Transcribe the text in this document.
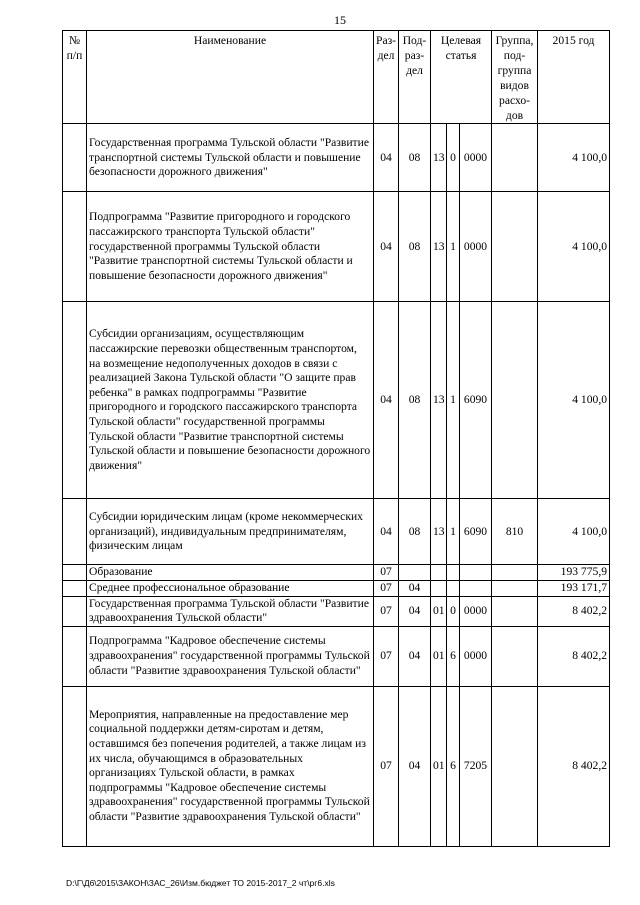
15
№ п/п	Наименование	Раз-дел	Под-раз-дел	Целевая статья			Группа, под-группа видов расхо-дов	2015 год
	Государственная программа Тульской области "Развитие транспортной системы Тульской области и повышение безопасности дорожного движения"	04	08	13	0	0000		4 100,0
	Подпрограмма "Развитие пригородного и городского пассажирского транспорта Тульской области" государственной программы Тульской области "Развитие транспортной системы Тульской области и повышение безопасности дорожного движения"	04	08	13	1	0000		4 100,0
	Субсидии организациям, осуществляющим пассажирские перевозки общественным транспортом, на возмещение недополученных доходов в связи с реализацией Закона Тульской области "О защите прав ребенка" в рамках подпрограммы "Развитие пригородного и городского пассажирского транспорта Тульской области" государственной программы Тульской области "Развитие транспортной системы Тульской области и повышение безопасности дорожного движения"	04	08	13	1	6090		4 100,0
	Субсидии юридическим лицам (кроме некоммерческих организаций), индивидуальным предпринимателям, физическим лицам	04	08	13	1	6090	810	4 100,0
	Образование	07						193 775,9
	Среднее профессиональное образование	07	04					193 171,7
	Государственная программа Тульской области "Развитие здравоохранения Тульской области"	07	04	01	0	0000		8 402,2
	Подпрограмма "Кадровое обеспечение системы здравоохранения" государственной программы Тульской области "Развитие здравоохранения Тульской области"	07	04	01	6	0000		8 402,2
	Мероприятия, направленные на предоставление мер социальной поддержки детям-сиротам и детям, оставшимся без попечения родителей, а также лицам из их числа, обучающимся в образовательных организациях Тульской области, в рамках подпрограммы "Кадровое обеспечение системы здравоохранения" государственной программы Тульской области "Развитие здравоохранения Тульской области"	07	04	01	6	7205		8 402,2
D:\Г\Д6\2015\ЗАКОН\ЗАС_26\Изм.бюджет ТО 2015-2017_2 чт\рг6.xls
